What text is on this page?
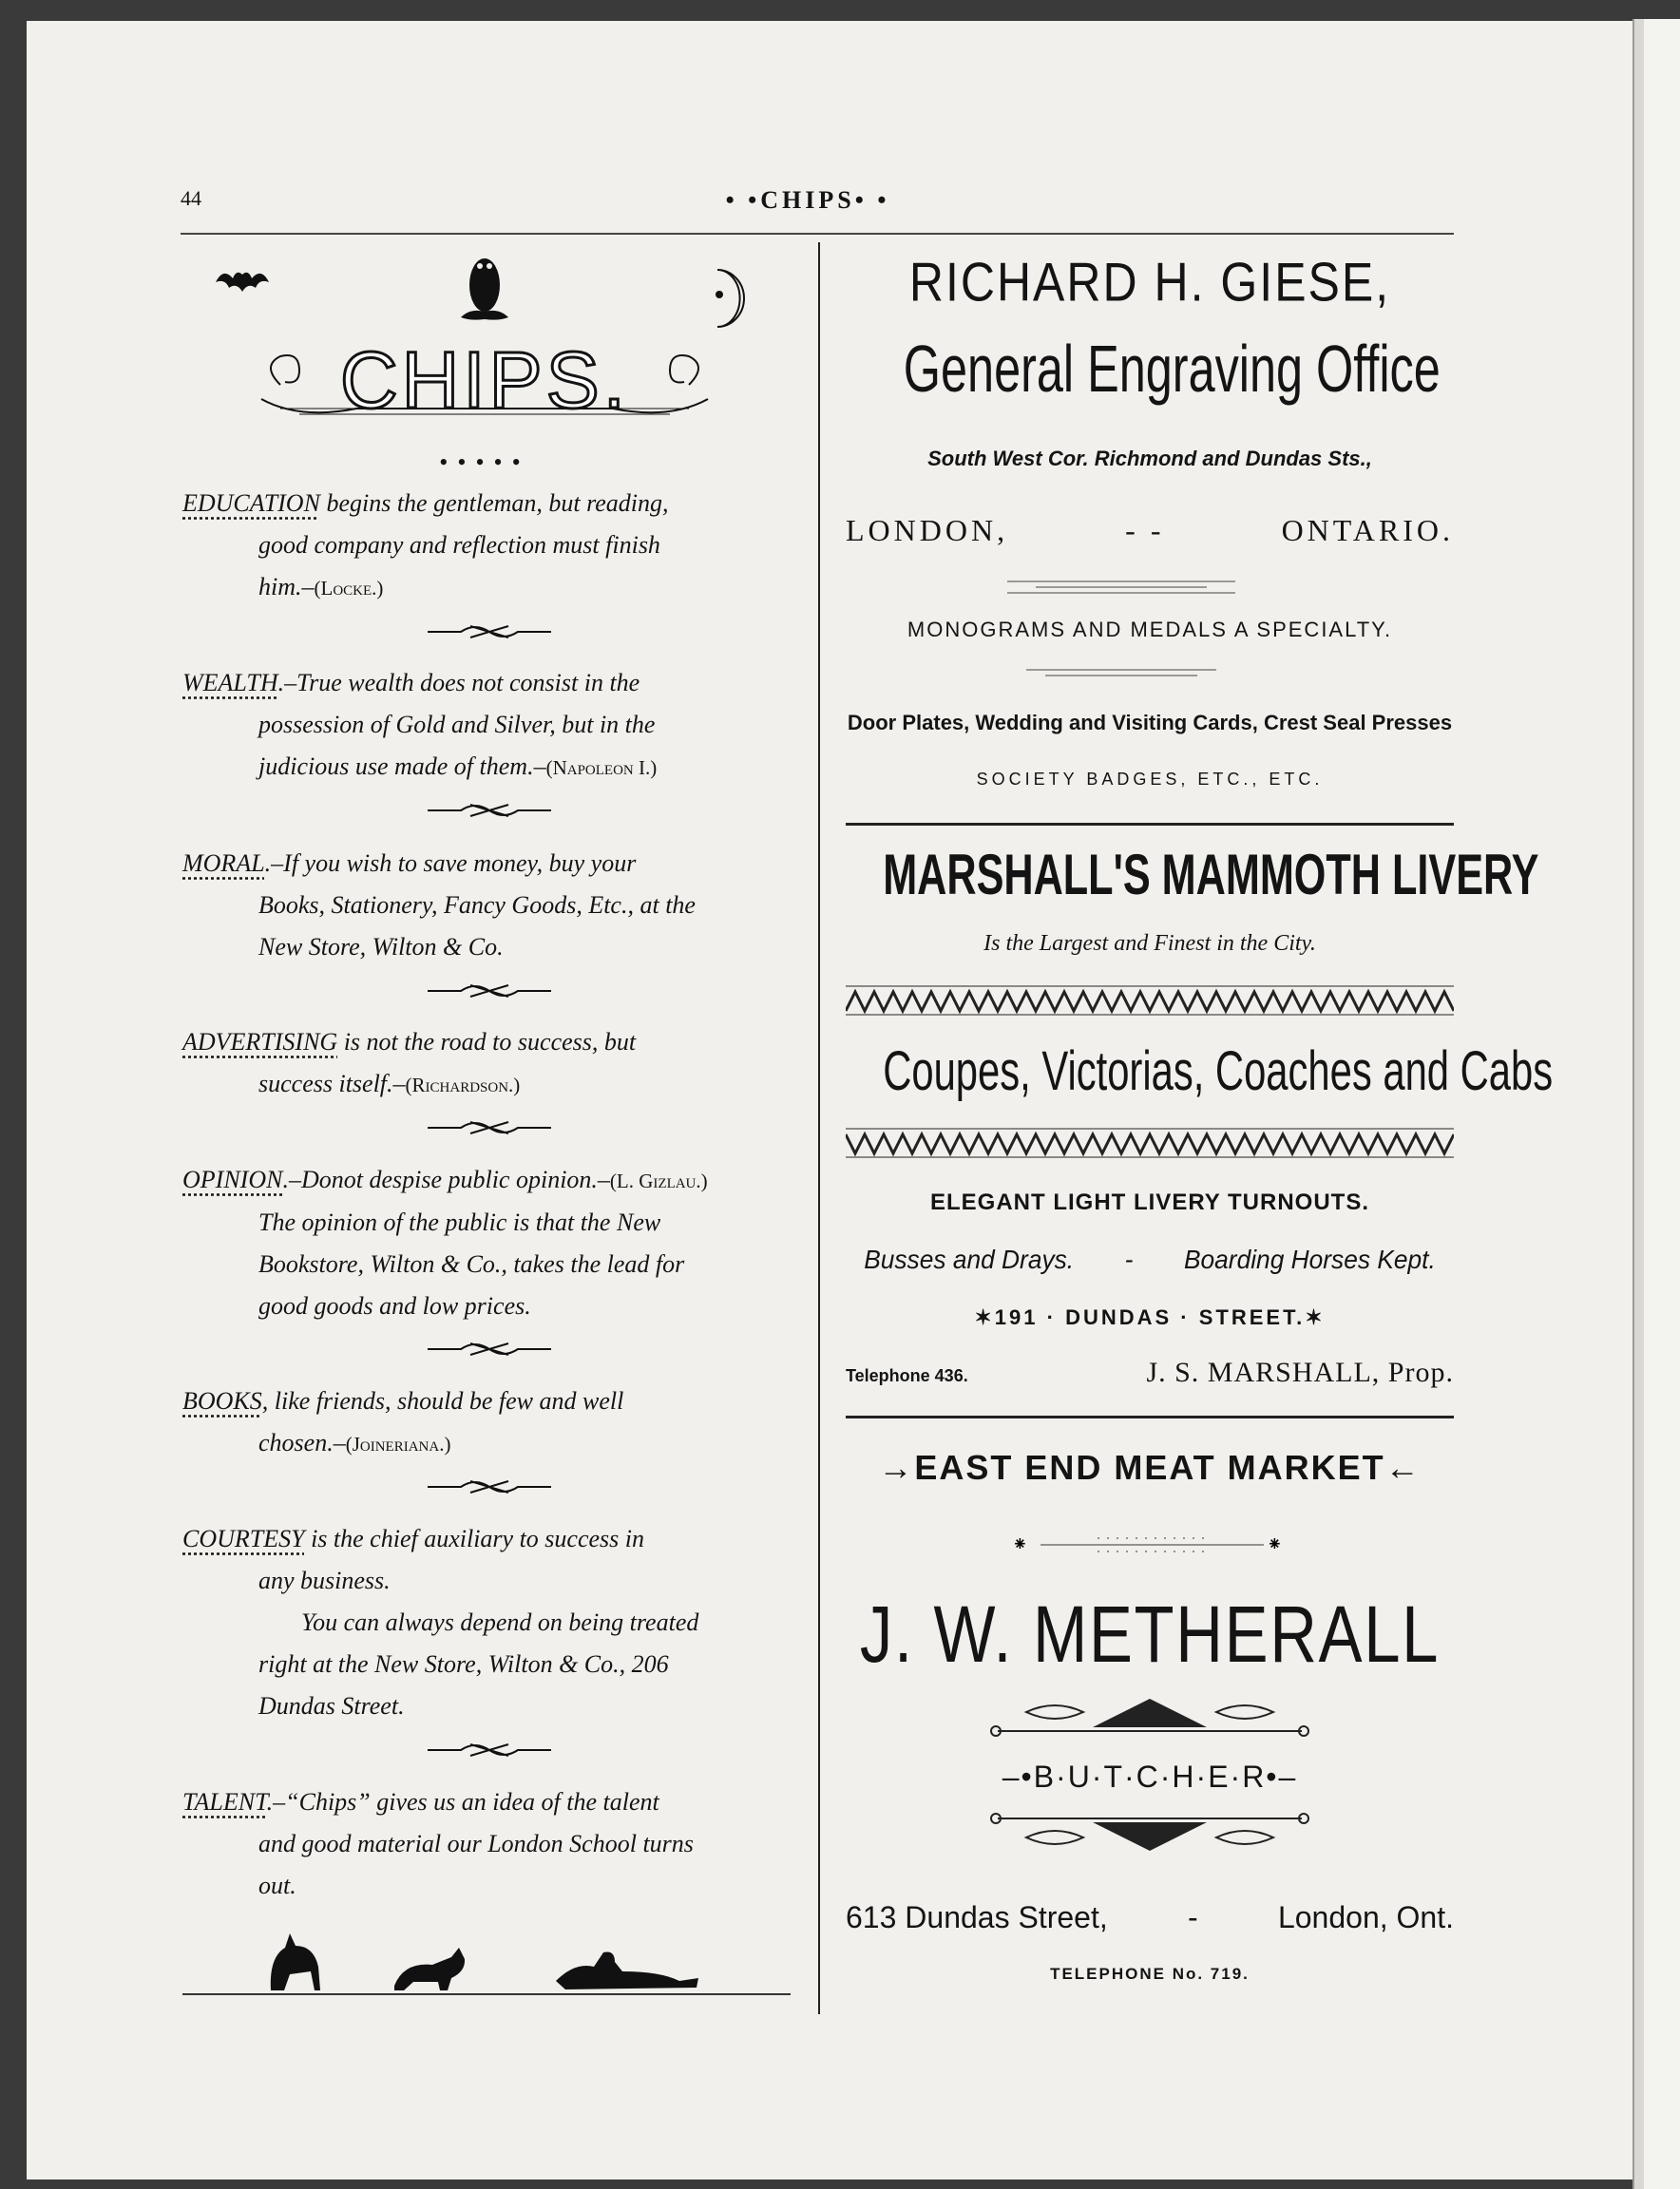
44	• •CHIPS• •
CHIPS.
•••••
EDUCATION begins the gentleman, but reading,
good company and reflection must finish
him.–(Locke.)
WEALTH.–True wealth does not consist in the
possession of Gold and Silver, but in the
judicious use made of them.–(Napoleon I.)
MORAL.–If you wish to save money, buy your
Books, Stationery, Fancy Goods, Etc., at the
New Store, Wilton & Co.
ADVERTISING is not the road to success, but
success itself.–(Richardson.)
OPINION.–Donot despise public opinion.–(L. Gizlau.)
The opinion of the public is that the New
Bookstore, Wilton & Co., takes the lead for
good goods and low prices.
BOOKS, like friends, should be few and well
chosen.–(Joineriana.)
COURTESY is the chief auxiliary to success in
any business.
You can always depend on being treated
right at the New Store, Wilton & Co., 206
Dundas Street.
TALENT.–“Chips” gives us an idea of the talent
and good material our London School turns
out.
RICHARD H. GIESE,
General Engraving Office
South West Cor. Richmond and Dundas Sts.,
LONDON,	- -	ONTARIO.
MONOGRAMS AND MEDALS A SPECIALTY.
Door Plates, Wedding and Visiting Cards, Crest Seal Presses
SOCIETY BADGES, ETC., ETC.
MARSHALL'S MAMMOTH LIVERY
Is the Largest and Finest in the City.
Coupes, Victorias, Coaches and Cabs
ELEGANT LIGHT LIVERY TURNOUTS.
Busses and Drays. - Boarding Horses Kept.
✶191 · DUNDAS · STREET.✶
Telephone 436.	J. S. MARSHALL, Prop.
→EAST END MEAT MARKET←
⁕	⁕
J. W. METHERALL
–•B·U·T·C·H·E·R•–
613 Dundas Street,	-	London, Ont.
TELEPHONE No. 719.
